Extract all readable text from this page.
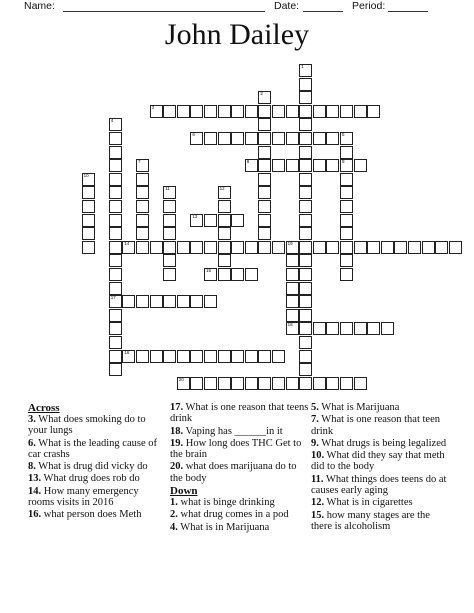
Name:	Date:	Period:
John Dailey
1
3
6	5
8	9
14	19
17
18
16
20
13
15
2
4
7
10
11	12
Across
3. What does smoking do to your lungs
6. What is the leading cause of car crashs
8. What is drug did vicky do
13. What drug does rob do
14. How many emergency rooms visits in 2016
16. what person does Meth
17. What is one reason that teens drink
18. Vaping has ______in it
19. How long does THC Get to the brain
20. what does marijuana do to the body
Down
1. what is binge drinking
2. what drug comes in a pod
4. What is in Marijuana
5. What is Marijuana
7. What is one reason that teen drink
9. What drugs is being legalized
10. What did they say that meth did to the body
11. What things does teens do at causes early aging
12. What is in cigarettes
15. how many stages are the there is alcoholism
